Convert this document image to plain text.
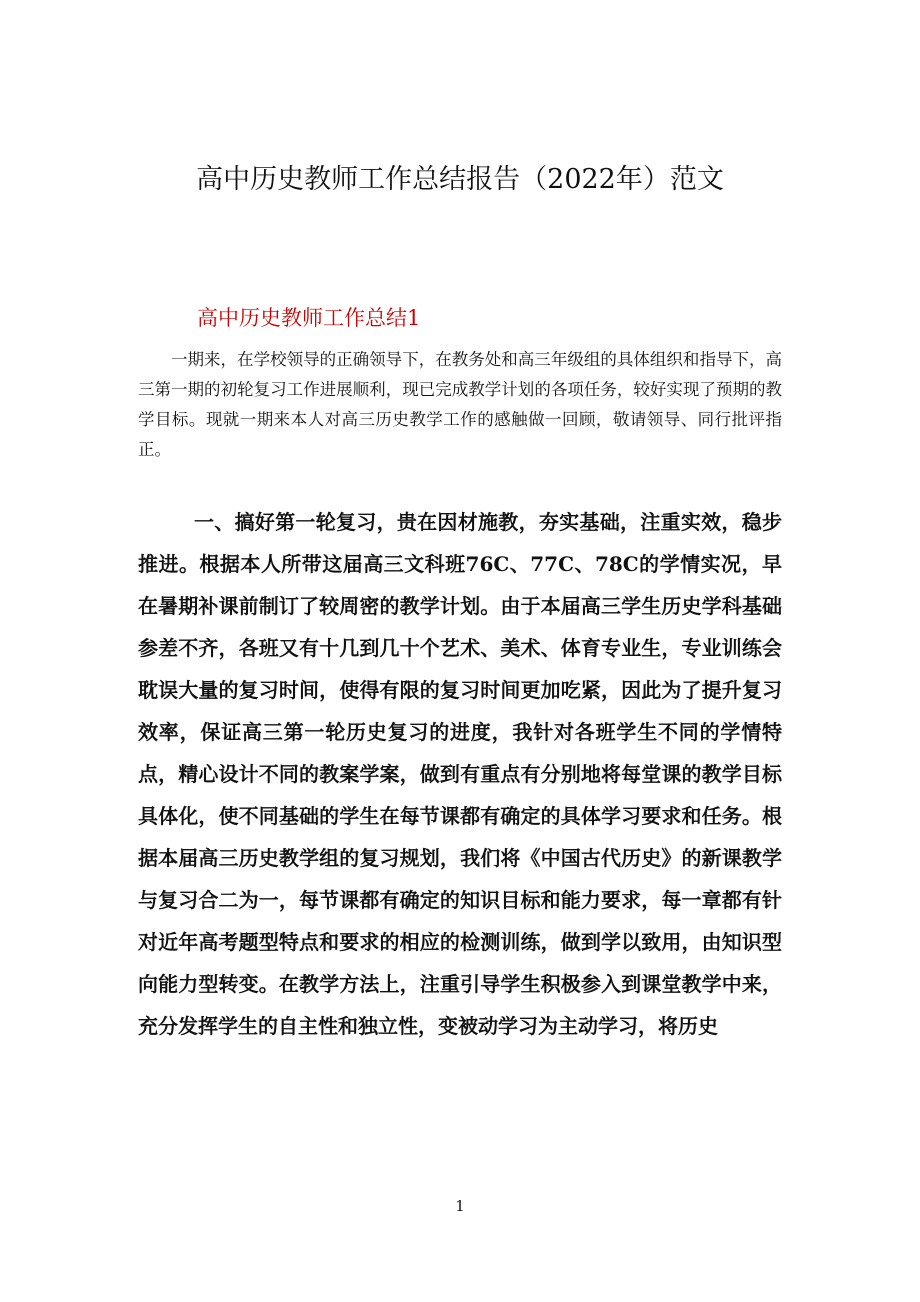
高中历史教师工作总结报告（2022年）范文
高中历史教师工作总结1

一期来，在学校领导的正确领导下，在教务处和高三年级组的具体组织和指导下，高三第一期的初轮复习工作进展顺利，现已完成教学计划的各项任务，较好实现了预期的教学目标。现就一期来本人对高三历史教学工作的感触做一回顾，敬请领导、同行批评指正。

一、搞好第一轮复习，贵在因材施教，夯实基础，注重实效，稳步推进。根据本人所带这届高三文科班76C、77C、78C的学情实况，早在暑期补课前制订了较周密的教学计划。由于本届高三学生历史学科基础参差不齐，各班又有十几到几十个艺术、美术、体育专业生，专业训练会耽误大量的复习时间，使得有限的复习时间更加吃紧，因此为了提升复习效率，保证高三第一轮历史复习的进度，我针对各班学生不同的学情特点，精心设计不同的教案学案，做到有重点有分别地将每堂课的教学目标具体化，使不同基础的学生在每节课都有确定的具体学习要求和任务。根据本届高三历史教学组的复习规划，我们将《中国古代历史》的新课教学与复习合二为一，每节课都有确定的知识目标和能力要求，每一章都有针对近年高考题型特点和要求的相应的检测训练，做到学以致用，由知识型向能力型转变。在教学方法上，注重引导学生积极参入到课堂教学中来，充分发挥学生的自主性和独立性，变被动学习为主动学习，将历史

1
